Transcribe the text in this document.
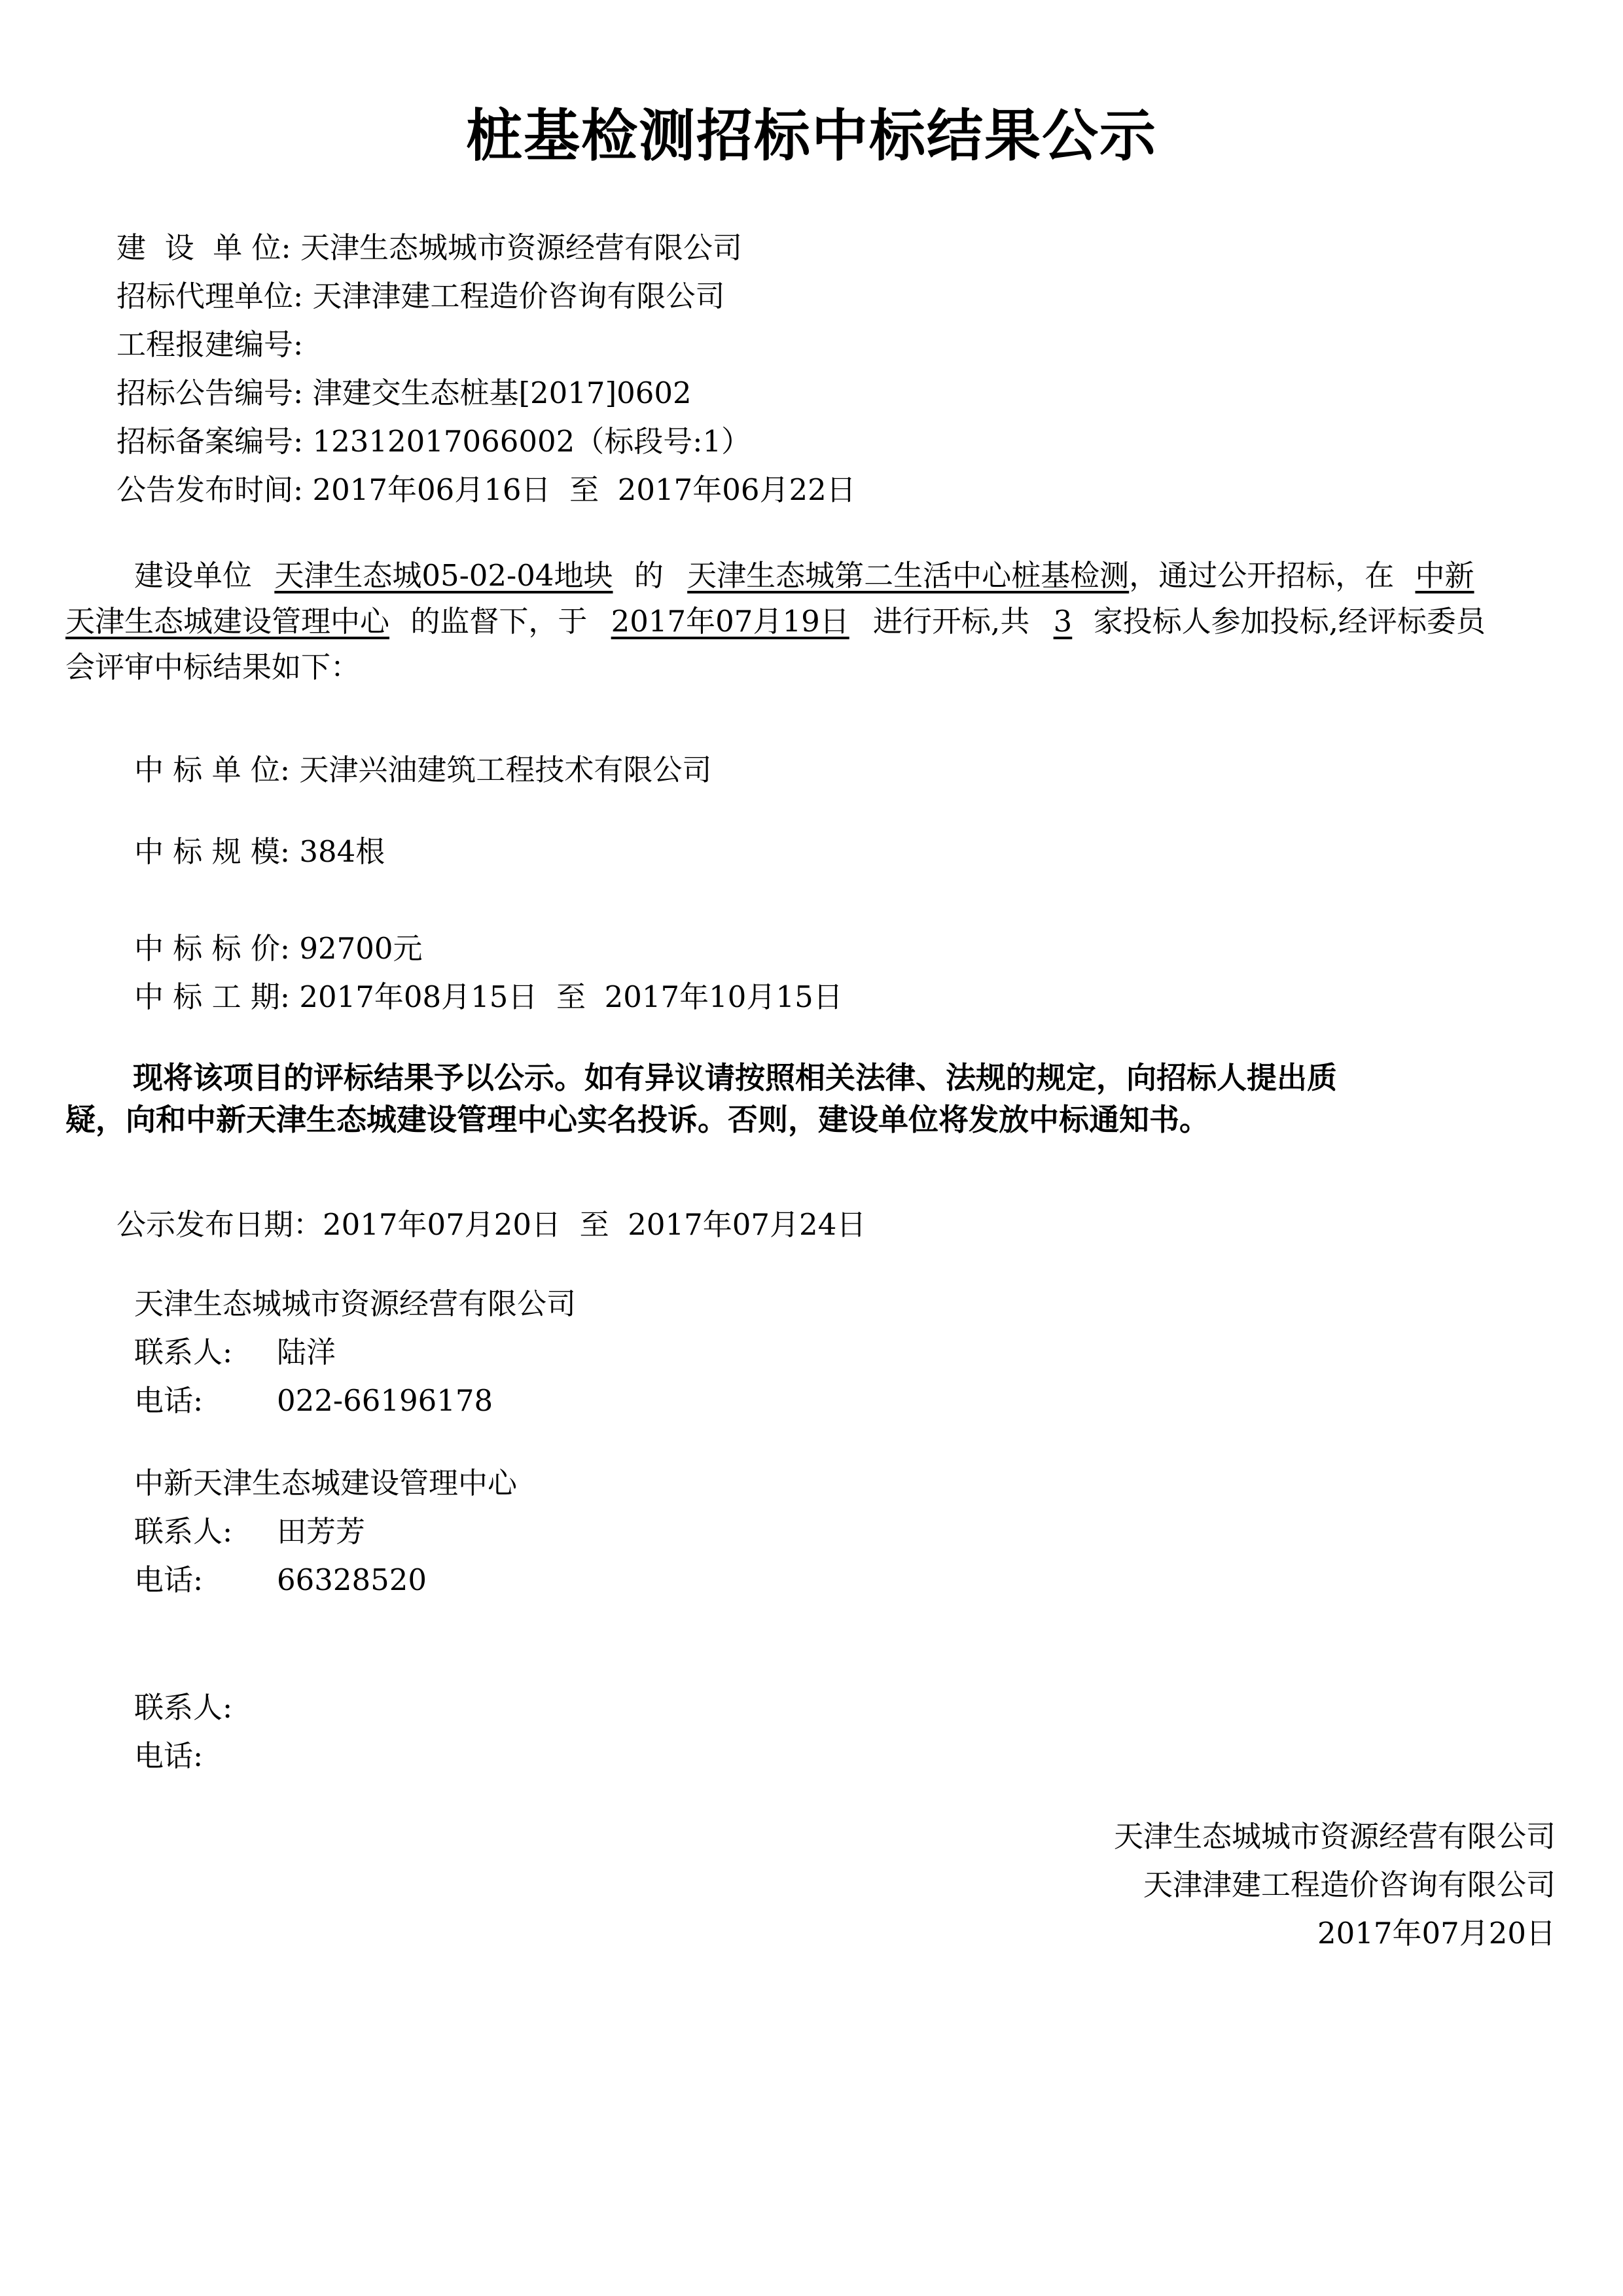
桩基检测招标中标结果公示
建  设  单 位: 天津生态城城市资源经营有限公司
招标代理单位: 天津津建工程造价咨询有限公司
工程报建编号:
招标公告编号: 津建交生态桩基[2017]0602
招标备案编号: 12312017066002（标段号:1）
公告发布时间: 2017年06月16日  至  2017年06月22日
建设单位 天津生态城05-02-04地块 的 天津生态城第二生活中心桩基检测，通过公开招标，在 中新
天津生态城建设管理中心 的监督下，于 2017年07月19日 进行开标,共 3 家投标人参加投标,经评标委员
会评审中标结果如下：
中 标 单 位: 天津兴油建筑工程技术有限公司
中 标 规 模: 384根
中 标 标 价: 92700元
中 标 工 期: 2017年08月15日  至  2017年10月15日
现将该项目的评标结果予以公示。如有异议请按照相关法律、法规的规定，向招标人提出质
疑，向和中新天津生态城建设管理中心实名投诉。否则，建设单位将发放中标通知书。
公示发布日期：2017年07月20日  至  2017年07月24日
天津生态城城市资源经营有限公司
联系人: 陆洋
电话:	022-66196178
中新天津生态城建设管理中心
联系人: 田芳芳
电话:	66328520
联系人:
电话:
天津生态城城市资源经营有限公司
天津津建工程造价咨询有限公司
2017年07月20日
